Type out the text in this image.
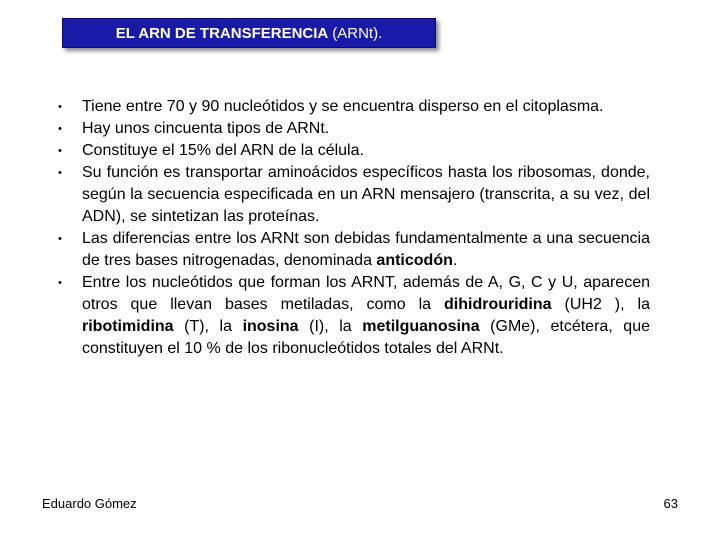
EL ARN DE TRANSFERENCIA (ARNt).
• Tiene entre 70 y 90 nucleótidos y se encuentra disperso en el citoplasma.
• Hay unos cincuenta tipos de ARNt.
• Constituye el 15% del ARN de la célula.
• Su función es transportar aminoácidos específicos hasta los ribosomas, donde, según la secuencia especificada en un ARN mensajero (transcrita, a su vez, del ADN), se sintetizan las proteínas.
• Las diferencias entre los ARNt son debidas fundamentalmente a una secuencia de tres bases nitrogenadas, denominada anticodón.
• Entre los nucleótidos que forman los ARNT, además de A, G, C y U, aparecen otros que llevan bases metiladas, como la dihidrouridina (UH2 ), la ribotimidina (T), la inosina (I), la metilguanosina (GMe), etcétera, que constituyen el 10 % de los ribonucleótidos totales del ARNt.
Eduardo Gómez	63
